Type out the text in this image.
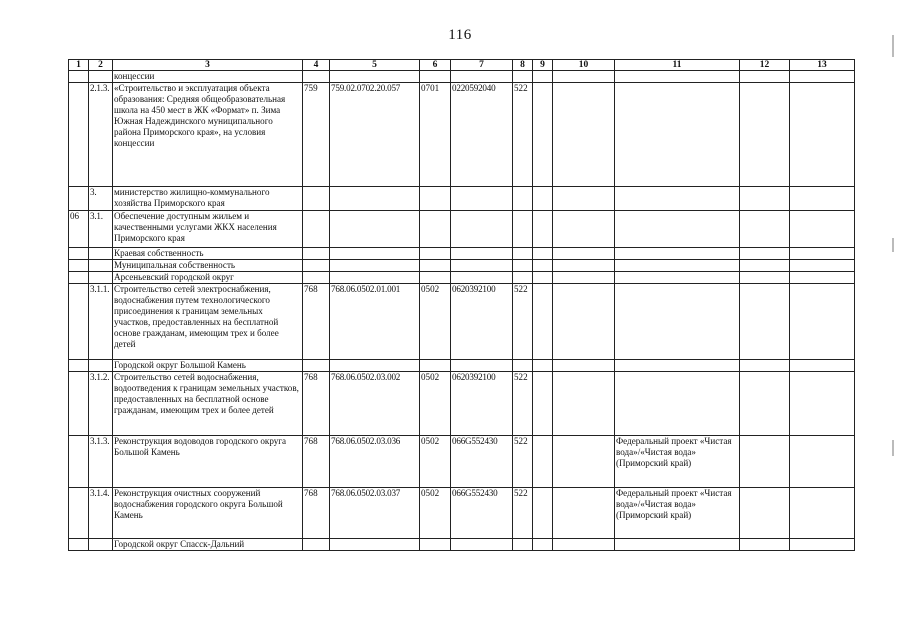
116
1	2	3	4	5	6	7	8	9	10	11	12	13
		концессии										
	2.1.3.	«Строительство и эксплуатация объекта образования: Средняя общеобразовательная школа на 450 мест в ЖК «Формат» п. Зима Южная Надеждинского муниципального района Приморского края», на условия концессии	759	759.02.0702.20.057	0701	0220592040	522					
	3.	министерство жилищно-коммунального хозяйства Приморского края										
06	3.1.	Обеспечение доступным жильем и качественными услугами ЖКХ населения Приморского края										
		Краевая собственность										
		Муниципальная собственность										
		Арсеньевский городской округ										
	3.1.1.	Строительство сетей электроснабжения, водоснабжения путем технологического присоединения к границам земельных участков, предоставленных на бесплатной основе гражданам, имеющим трех и более детей	768	768.06.0502.01.001	0502	0620392100	522					
		Городской округ Большой Камень										
	3.1.2.	Строительство сетей водоснабжения, водоотведения к границам земельных участков, предоставленных на бесплатной основе гражданам, имеющим трех и более детей	768	768.06.0502.03.002	0502	0620392100	522					
	3.1.3.	Реконструкция водоводов городского округа Большой Камень	768	768.06.0502.03.036	0502	066G552430	522			Федеральный проект «Чистая вода»/«Чистая вода» (Приморский край)		
	3.1.4.	Реконструкция очистных сооружений водоснабжения городского округа Большой Камень	768	768.06.0502.03.037	0502	066G552430	522			Федеральный проект «Чистая вода»/«Чистая вода» (Приморский край)		
		Городской округ Спасск-Дальний										
